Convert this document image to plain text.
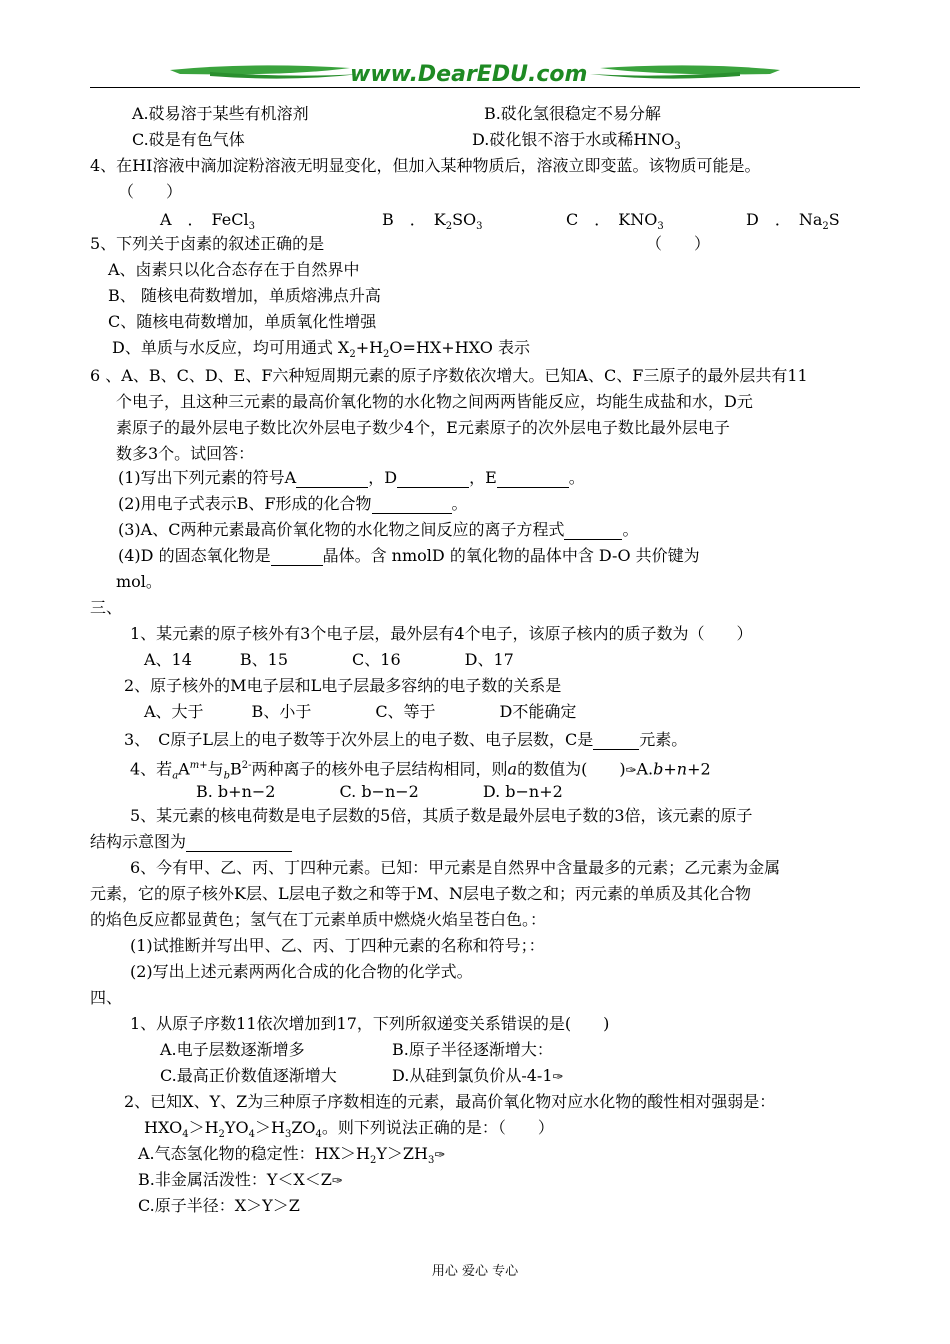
www.DearEDU.com
A.砹易溶于某些有机溶剂	B.砹化氢很稳定不易分解
C.砹是有色气体	D.砹化银不溶于水或稀$HNO_3$
4、在HI溶液中滴加淀粉溶液无明显变化，但加入某种物质后，溶液立即变蓝。该物质可能是。
（　　）
A　．　FeCl$_3$	B　．　$K_2SO_3$	C　．　$KNO_3$	D　．　$Na_2S$
5、下列关于卤素的叙述正确的是	（　　）
A、卤素只以化合态存在于自然界中
B、 随核电荷数增加，单质熔沸点升高
C、随核电荷数增加，单质氧化性增强
D、单质与水反应，均可用通式 $X_2+H_2O=HX+HXO$ 表示
6 、A、B、C、D、E、F六种短周期元素的原子序数依次增大。已知A、C、F三原子的最外层共有11
个电子，且这种三元素的最高价氧化物的水化物之间两两皆能反应，均能生成盐和水，D元
素原子的最外层电子数比次外层电子数少4个，E元素原子的次外层电子数比最外层电子
数多3个。试回答：
(1)写出下列元素的符号A	，D	，E	。
(2)用电子式表示B、F形成的化合物	。
(3)A、C两种元素最高价氧化物的水化物之间反应的离子方程式	。
(4)D 的固态氧化物是	晶体。含 nmolD 的氧化物的晶体中含 D-O 共价键为
mol。
三、
1、某元素的原子核外有3个电子层，最外层有4个电子，该原子核内的质子数为（　　）
A、14　　　B、15　　　　C、16　　　　D、17
2、原子核外的M电子层和L电子层最多容纳的电子数的关系是
A、大于　　　B、小于　　　　C、等于　　　　D不能确定
3、　C原子L层上的电子数等于次外层上的电子数、电子层数，C是	元素。
4、若$_aA^{m+}$与$_bB^{2-}$两种离子的核外电子层结构相同，则a的数值为(　　)✑A.b+n+2
B. b+n−2　　　　C. b−n−2　　　　D. b−n+2
5、某元素的核电荷数是电子层数的5倍，其质子数是最外层电子数的3倍，该元素的原子
结构示意图为
6、今有甲、乙、丙、丁四种元素。已知：甲元素是自然界中含量最多的元素；乙元素为金属
元素，它的原子核外K层、L层电子数之和等于M、N层电子数之和；丙元素的单质及其化合物
的焰色反应都显黄色；氢气在丁元素单质中燃烧火焰呈苍白色。：
(1)试推断并写出甲、乙、丙、丁四种元素的名称和符号；：
(2)写出上述元素两两化合成的化合物的化学式。
四、
1、从原子序数11依次增加到17，下列所叙递变关系错误的是(　　)
A.电子层数逐渐增多	B.原子半径逐渐增大：
C.最高正价数值逐渐增大	D.从硅到氯负价从-4-1✑
2、已知X、Y、Z为三种原子序数相连的元素，最高价氧化物对应水化物的酸性相对强弱是：
$HXO_4>H_2YO_4>H_3ZO_4$。则下列说法正确的是：（　　）
A.气态氢化物的稳定性：$HX>H_2Y>ZH_3✑$
B.非金属活泼性：Y＜X＜Z✑
C.原子半径：X＞Y＞Z
用心 爱心 专心
